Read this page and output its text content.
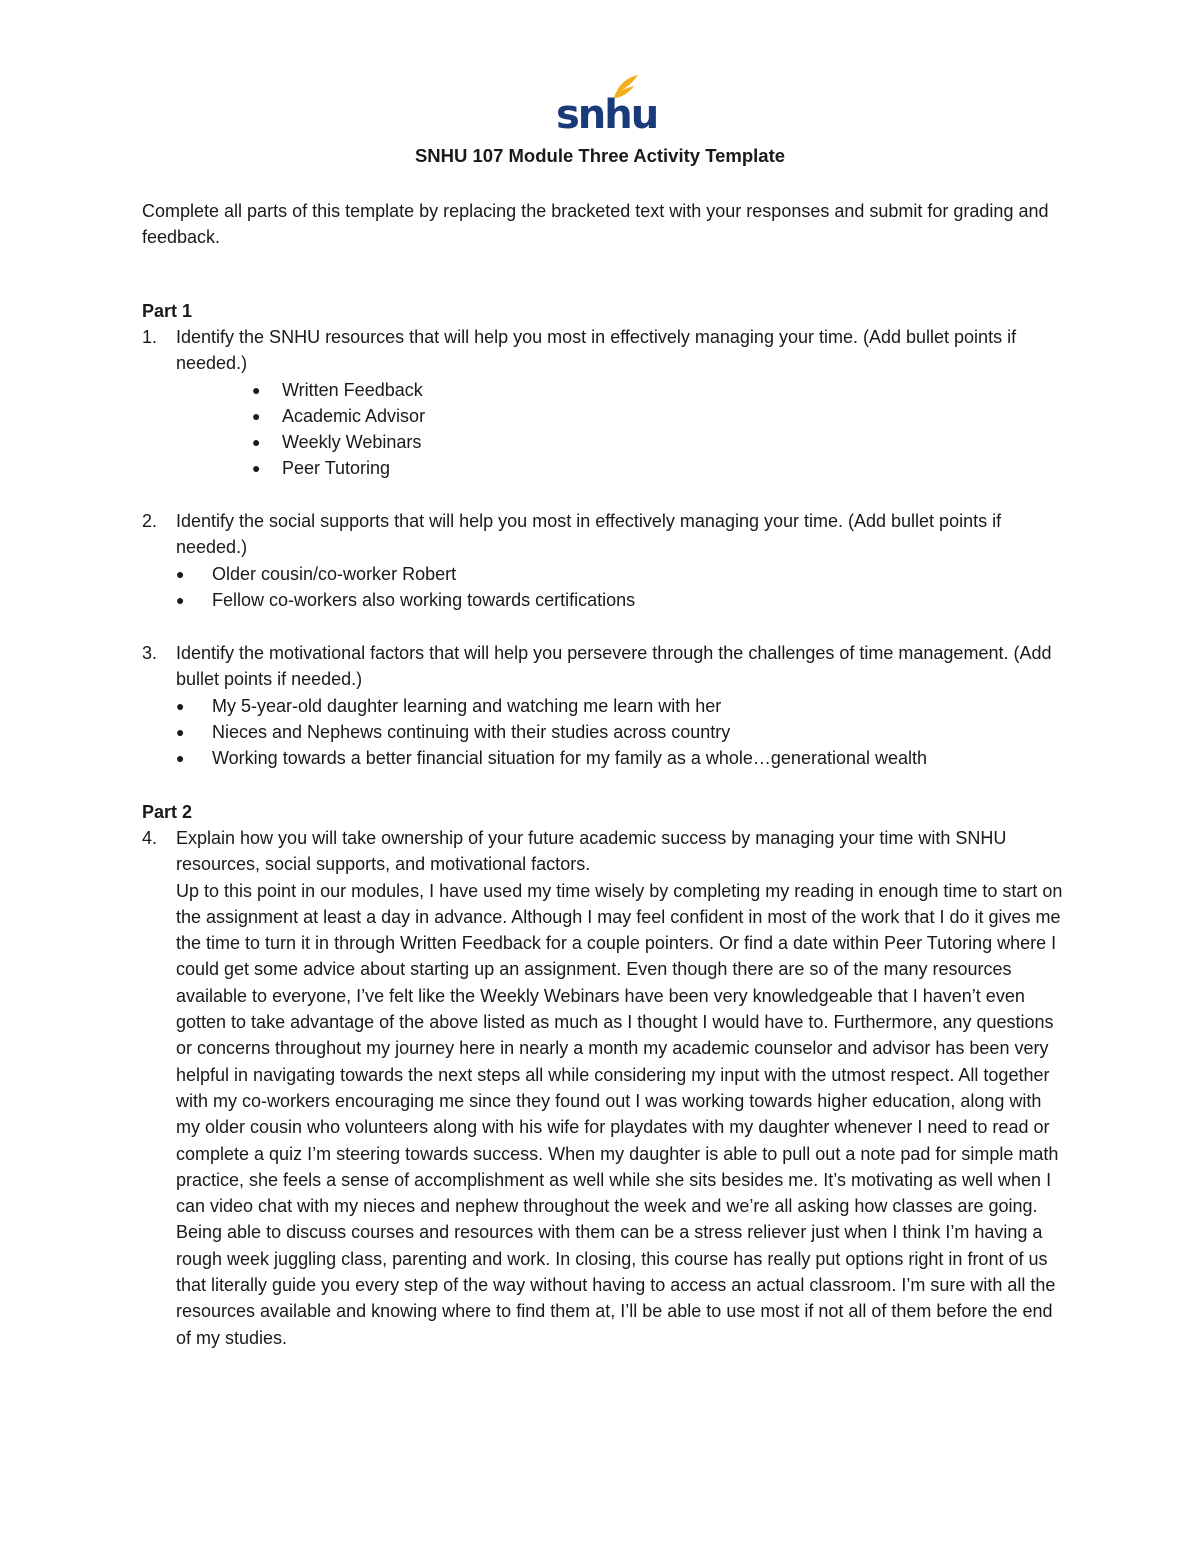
snhu
SNHU 107 Module Three Activity Template
Complete all parts of this template by replacing the bracketed text with your responses and submit for grading and feedback.
Part 1
1. Identify the SNHU resources that will help you most in effectively managing your time. (Add bullet points if needed.)
● Written Feedback
● Academic Advisor
● Weekly Webinars
● Peer Tutoring
2. Identify the social supports that will help you most in effectively managing your time. (Add bullet points if needed.)
● Older cousin/co-worker Robert
● Fellow co-workers also working towards certifications
3. Identify the motivational factors that will help you persevere through the challenges of time management. (Add bullet points if needed.)
● My 5-year-old daughter learning and watching me learn with her
● Nieces and Nephews continuing with their studies across country
● Working towards a better financial situation for my family as a whole…generational wealth
Part 2
4. Explain how you will take ownership of your future academic success by managing your time with SNHU resources, social supports, and motivational factors.
Up to this point in our modules, I have used my time wisely by completing my reading in enough time to start on the assignment at least a day in advance. Although I may feel confident in most of the work that I do it gives me the time to turn it in through Written Feedback for a couple pointers. Or find a date within Peer Tutoring where I could get some advice about starting up an assignment. Even though there are so of the many resources available to everyone, I’ve felt like the Weekly Webinars have been very knowledgeable that I haven’t even gotten to take advantage of the above listed as much as I thought I would have to. Furthermore, any questions or concerns throughout my journey here in nearly a month my academic counselor and advisor has been very helpful in navigating towards the next steps all while considering my input with the utmost respect. All together with my co-workers encouraging me since they found out I was working towards higher education, along with my older cousin who volunteers along with his wife for playdates with my daughter whenever I need to read or complete a quiz I’m steering towards success. When my daughter is able to pull out a note pad for simple math practice, she feels a sense of accomplishment as well while she sits besides me. It’s motivating as well when I can video chat with my nieces and nephew throughout the week and we’re all asking how classes are going. Being able to discuss courses and resources with them can be a stress reliever just when I think I’m having a rough week juggling class, parenting and work. In closing, this course has really put options right in front of us that literally guide you every step of the way without having to access an actual classroom. I’m sure with all the resources available and knowing where to find them at, I’ll be able to use most if not all of them before the end of my studies.
